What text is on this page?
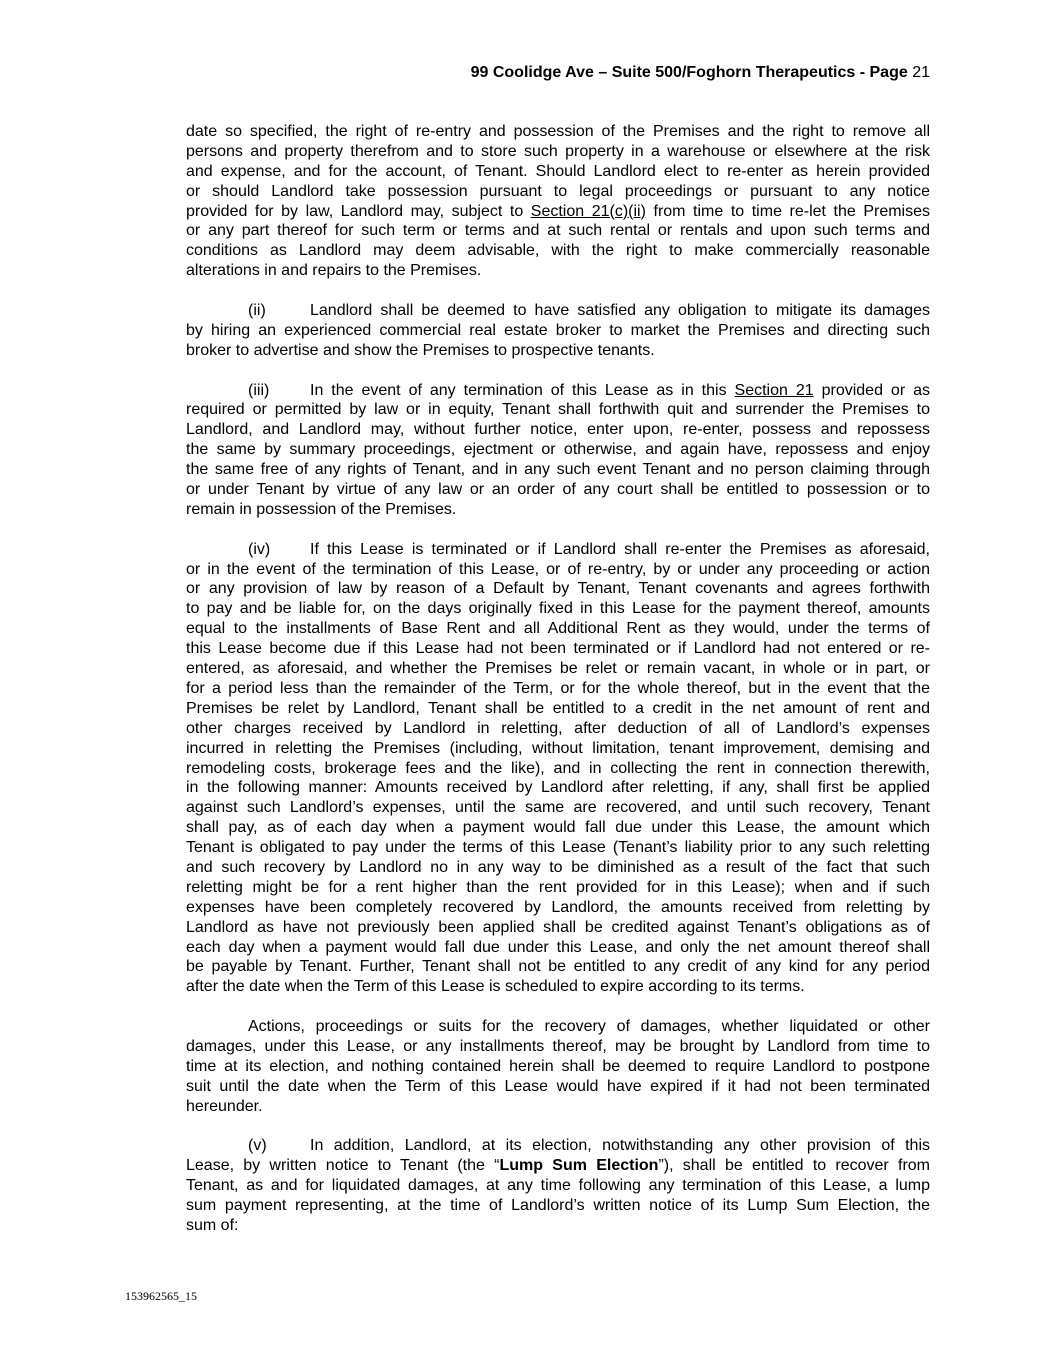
99 Coolidge Ave – Suite 500/Foghorn Therapeutics - Page 21
date so specified, the right of re-entry and possession of the Premises and the right to remove all
persons and property therefrom and to store such property in a warehouse or elsewhere at the risk
and expense, and for the account, of Tenant. Should Landlord elect to re-enter as herein provided
or should Landlord take possession pursuant to legal proceedings or pursuant to any notice
provided for by law, Landlord may, subject to Section 21(c)(ii) from time to time re-let the Premises
or any part thereof for such term or terms and at such rental or rentals and upon such terms and
conditions as Landlord may deem advisable, with the right to make commercially reasonable
alterations in and repairs to the Premises.
(ii)	Landlord shall be deemed to have satisfied any obligation to mitigate its damages
by hiring an experienced commercial real estate broker to market the Premises and directing such
broker to advertise and show the Premises to prospective tenants.
(iii)	In the event of any termination of this Lease as in this Section 21 provided or as
required or permitted by law or in equity, Tenant shall forthwith quit and surrender the Premises to
Landlord, and Landlord may, without further notice, enter upon, re-enter, possess and repossess
the same by summary proceedings, ejectment or otherwise, and again have, repossess and enjoy
the same free of any rights of Tenant, and in any such event Tenant and no person claiming through
or under Tenant by virtue of any law or an order of any court shall be entitled to possession or to
remain in possession of the Premises.
(iv) If this Lease is terminated or if Landlord shall re-enter the Premises as aforesaid,
or in the event of the termination of this Lease, or of re-entry, by or under any proceeding or action
or any provision of law by reason of a Default by Tenant, Tenant covenants and agrees forthwith
to pay and be liable for, on the days originally fixed in this Lease for the payment thereof, amounts
equal to the installments of Base Rent and all Additional Rent as they would, under the terms of
this Lease become due if this Lease had not been terminated or if Landlord had not entered or re-
entered, as aforesaid, and whether the Premises be relet or remain vacant, in whole or in part, or
for a period less than the remainder of the Term, or for the whole thereof, but in the event that the
Premises be relet by Landlord, Tenant shall be entitled to a credit in the net amount of rent and
other charges received by Landlord in reletting, after deduction of all of Landlord’s expenses
incurred in reletting the Premises (including, without limitation, tenant improvement, demising and
remodeling costs, brokerage fees and the like), and in collecting the rent in connection therewith,
in the following manner: Amounts received by Landlord after reletting, if any, shall first be applied
against such Landlord’s expenses, until the same are recovered, and until such recovery, Tenant
shall pay, as of each day when a payment would fall due under this Lease, the amount which
Tenant is obligated to pay under the terms of this Lease (Tenant’s liability prior to any such reletting
and such recovery by Landlord no in any way to be diminished as a result of the fact that such
reletting might be for a rent higher than the rent provided for in this Lease); when and if such
expenses have been completely recovered by Landlord, the amounts received from reletting by
Landlord as have not previously been applied shall be credited against Tenant’s obligations as of
each day when a payment would fall due under this Lease, and only the net amount thereof shall
be payable by Tenant. Further, Tenant shall not be entitled to any credit of any kind for any period
after the date when the Term of this Lease is scheduled to expire according to its terms.
Actions, proceedings or suits for the recovery of damages, whether liquidated or other
damages, under this Lease, or any installments thereof, may be brought by Landlord from time to
time at its election, and nothing contained herein shall be deemed to require Landlord to postpone
suit until the date when the Term of this Lease would have expired if it had not been terminated
hereunder.
(v)	In addition, Landlord, at its election, notwithstanding any other provision of this
Lease, by written notice to Tenant (the “Lump Sum Election”), shall be entitled to recover from
Tenant, as and for liquidated damages, at any time following any termination of this Lease, a lump
sum payment representing, at the time of Landlord’s written notice of its Lump Sum Election, the
sum of:
153962565_15
